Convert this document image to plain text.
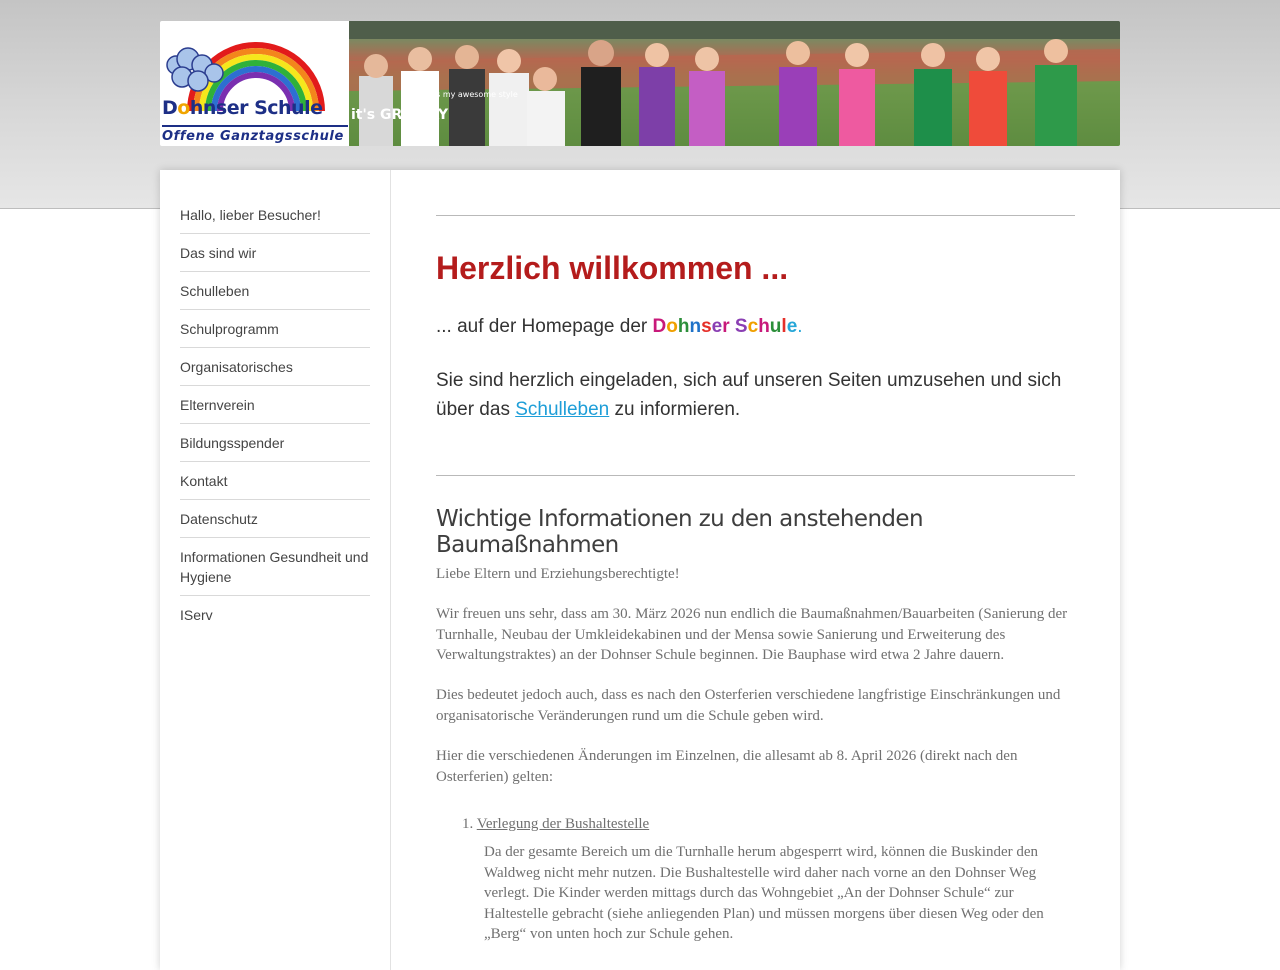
Dohnser Schule
Offene Ganztagsschule
it's GR8 DAY
This is my awesome style
Hallo, lieber Besucher!
Das sind wir
Schulleben
Schulprogramm
Organisatorisches
Elternverein
Bildungsspender
Kontakt
Datenschutz
Informationen Gesundheit und Hygiene
IServ
Herzlich willkommen ...

... auf der Homepage der Dohnser Schule.

Sie sind herzlich eingeladen, sich auf unseren Seiten umzusehen und sich über das Schulleben zu informieren.

Wichtige Informationen zu den anstehenden Baumaßnahmen

Liebe Eltern und Erziehungsberechtigte!

Wir freuen uns sehr, dass am 30. März 2026 nun endlich die Baumaßnahmen/Bauarbeiten (Sanierung der Turnhalle, Neubau der Umkleidekabinen und der Mensa sowie Sanierung und Erweiterung des Verwaltungstraktes) an der Dohnser Schule beginnen. Die Bauphase wird etwa 2 Jahre dauern.

Dies bedeutet jedoch auch, dass es nach den Osterferien verschiedene langfristige Einschränkungen und organisatorische Veränderungen rund um die Schule geben wird.

Hier die verschiedenen Änderungen im Einzelnen, die allesamt ab 8. April 2026 (direkt nach den Osterferien) gelten:

1. Verlegung der Bushaltestelle

Da der gesamte Bereich um die Turnhalle herum abgesperrt wird, können die Buskinder den Waldweg nicht mehr nutzen. Die Bushaltestelle wird daher nach vorne an den Dohnser Weg verlegt. Die Kinder werden mittags durch das Wohngebiet „An der Dohnser Schule“ zur Haltestelle gebracht (siehe anliegenden Plan) und müssen morgens über diesen Weg oder den „Berg“ von unten hoch zur Schule gehen.
